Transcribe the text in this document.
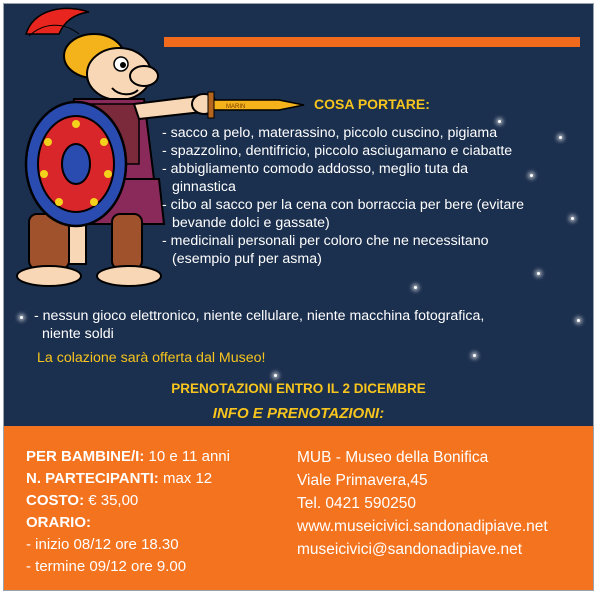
MARIN	COSA PORTARE:
- sacco a pelo, materassino, piccolo cuscino, pigiama
- spazzolino, dentifricio, piccolo asciugamano e ciabatte
- abbigliamento comodo addosso, meglio tuta da
ginnastica
- cibo al sacco per la cena con borraccia per bere (evitare
bevande dolci e gassate)
- medicinali personali per coloro che ne necessitano
(esempio puf per asma)
- nessun gioco elettronico, niente cellulare, niente macchina fotografica,
niente soldi
La colazione sarà offerta dal Museo!
PRENOTAZIONI ENTRO IL 2 DICEMBRE
INFO E PRENOTAZIONI:
PER BAMBINE/I: 10 e 11 anni
N. PARTECIPANTI: max 12
COSTO: € 35,00
ORARIO:
- inizio 08/12 ore 18.30
- termine 09/12 ore 9.00
MUB - Museo della Bonifica
Viale Primavera,45
Tel. 0421 590250
www.museicivici.sandonadipiave.net
museicivici@sandonadipiave.net
